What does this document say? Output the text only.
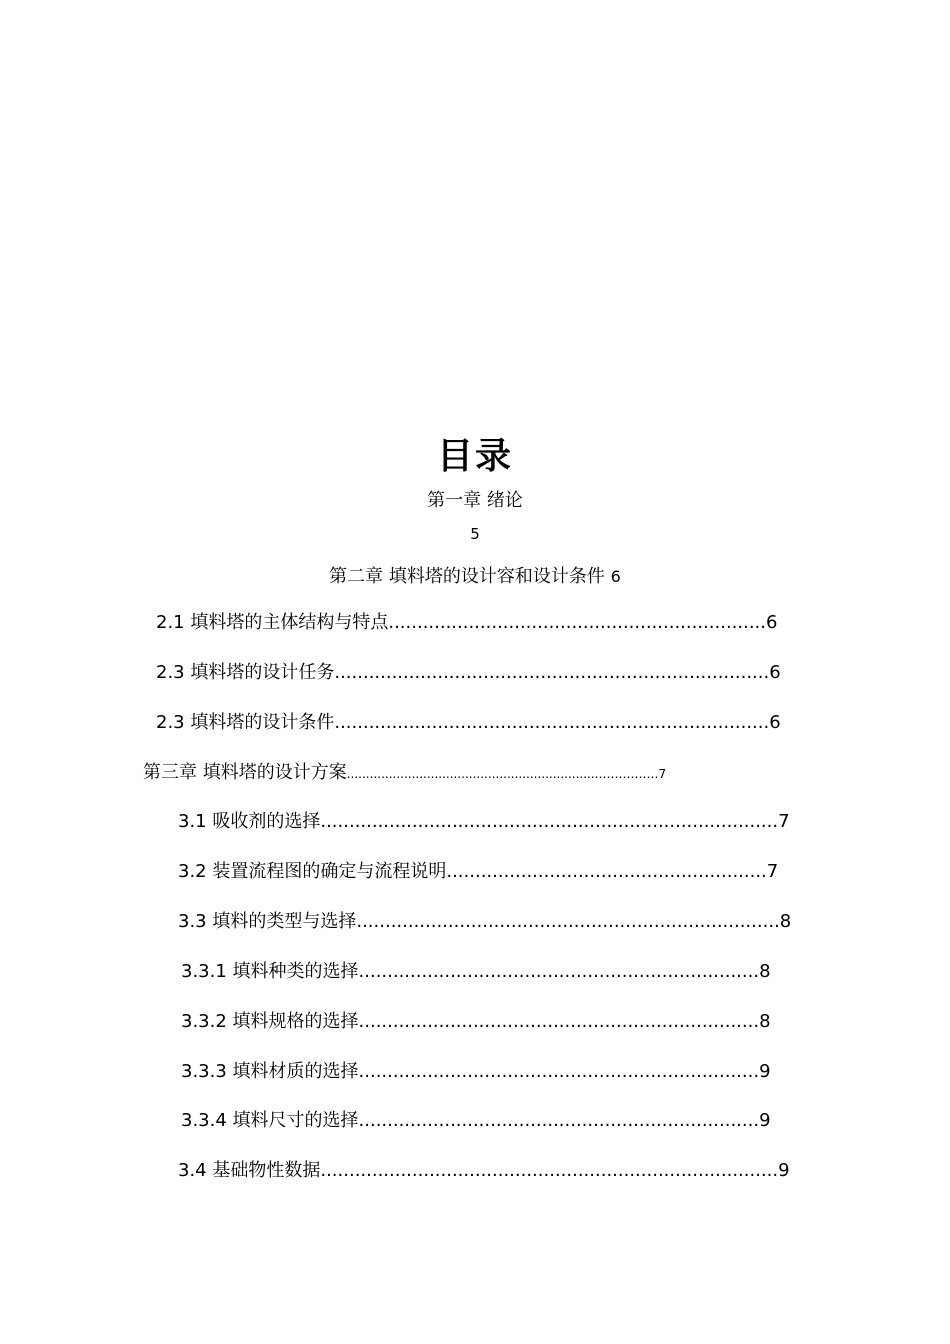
目录
第一章 绪论
5
第二章 填料塔的设计容和设计条件 6
2.1 填料塔的主体结构与特点..................................................................6
2.3 填料塔的设计任务............................................................................6
2.3 填料塔的设计条件............................................................................6
第三章 填料塔的设计方案..................................................................……………7
3.1 吸收剂的选择................................................................................7
3.2 装置流程图的确定与流程说明........................................................7
3.3 填料的类型与选择..........................................................................8
3.3.1 填料种类的选择......................................................................8
3.3.2 填料规格的选择......................................................................8
3.3.3 填料材质的选择......................................................................9
3.3.4 填料尺寸的选择......................................................................9
3.4 基础物性数据................................................................................9
